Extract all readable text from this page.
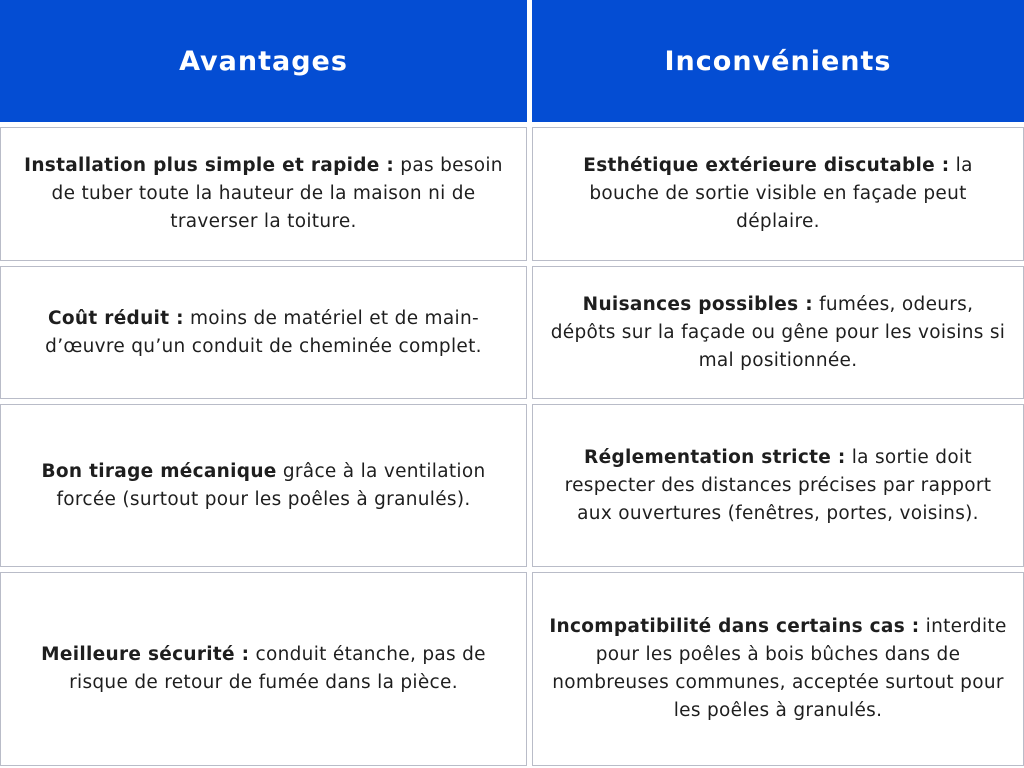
Avantages	Inconvénients

Installation plus simple et rapide : pas besoin de tuber toute la hauteur de la maison ni de traverser la toiture.

Esthétique extérieure discutable : la bouche de sortie visible en façade peut déplaire.

Coût réduit : moins de matériel et de main-d’œuvre qu’un conduit de cheminée complet.

Nuisances possibles : fumées, odeurs, dépôts sur la façade ou gêne pour les voisins si mal positionnée.

Bon tirage mécanique grâce à la ventilation forcée (surtout pour les poêles à granulés).

Réglementation stricte : la sortie doit respecter des distances précises par rapport aux ouvertures (fenêtres, portes, voisins).

Meilleure sécurité : conduit étanche, pas de risque de retour de fumée dans la pièce.

Incompatibilité dans certains cas : interdite pour les poêles à bois bûches dans de nombreuses communes, acceptée surtout pour les poêles à granulés.
